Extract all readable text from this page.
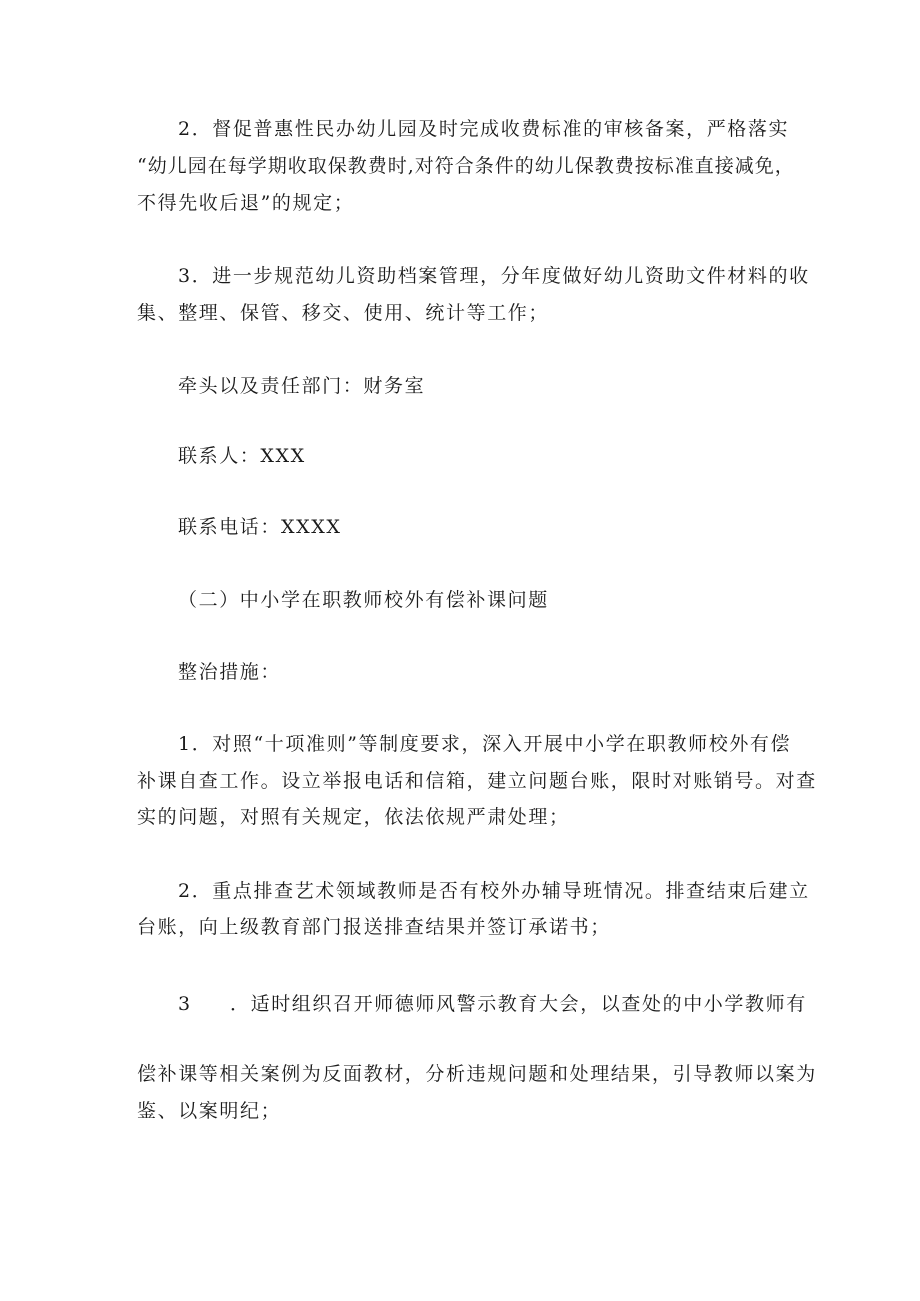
2．督促普惠性民办幼儿园及时完成收费标准的审核备案，严格落实
“幼儿园在每学期收取保教费时,对符合条件的幼儿保教费按标准直接减免，
不得先收后退”的规定；
3．进一步规范幼儿资助档案管理，分年度做好幼儿资助文件材料的收
集、整理、保管、移交、使用、统计等工作；
牵头以及责任部门：财务室
联系人：XXX
联系电话：XXXX
（二）中小学在职教师校外有偿补课问题
整治措施：
1．对照“十项准则”等制度要求，深入开展中小学在职教师校外有偿
补课自查工作。设立举报电话和信箱，建立问题台账，限时对账销号。对查
实的问题，对照有关规定，依法依规严肃处理；
2．重点排查艺术领域教师是否有校外办辅导班情况。排查结束后建立
台账，向上级教育部门报送排查结果并签订承诺书；
3 ．适时组织召开师德师风警示教育大会，以查处的中小学教师有
偿补课等相关案例为反面教材，分析违规问题和处理结果，引导教师以案为
鉴、以案明纪；
